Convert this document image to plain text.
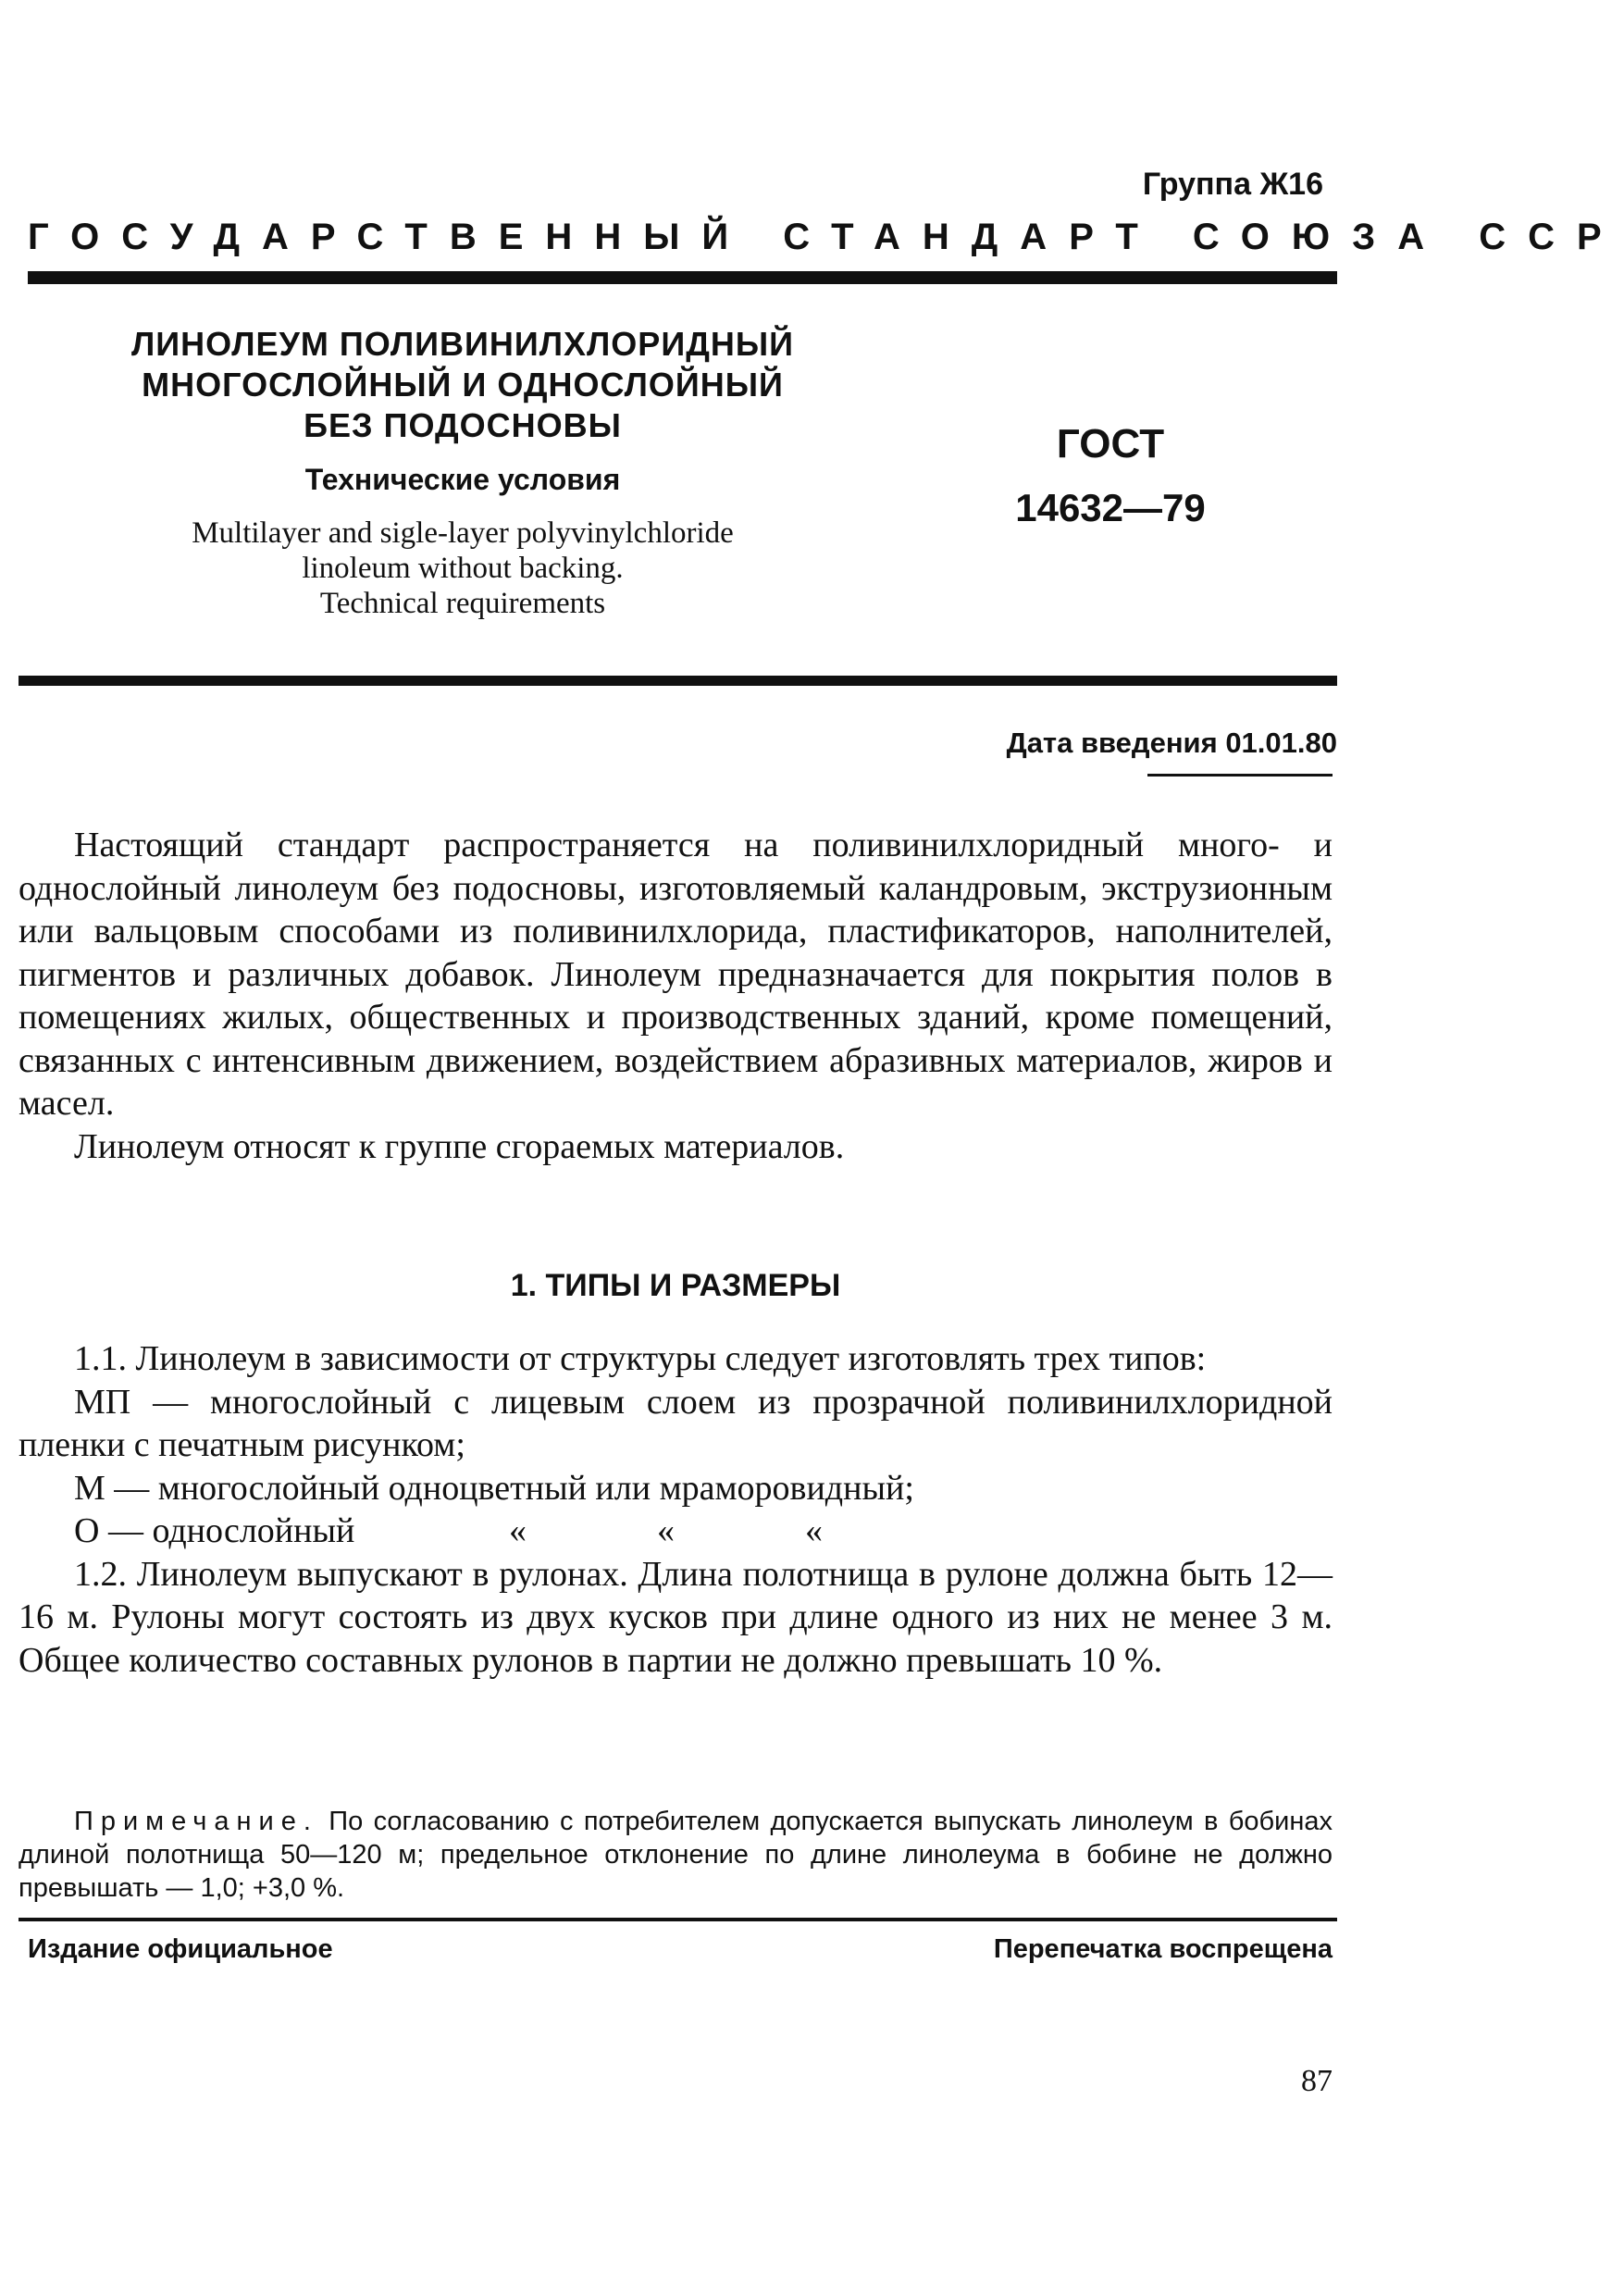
Группа Ж16
ГОСУДАРСТВЕННЫЙ СТАНДАРТ СОЮЗА ССР
ЛИНОЛЕУМ ПОЛИВИНИЛХЛОРИДНЫЙ
МНОГОСЛОЙНЫЙ И ОДНОСЛОЙНЫЙ
БЕЗ ПОДОСНОВЫ
Технические условия
Multilayer and sigle-layer polyvinylchloride
linoleum without backing.
Technical requirements
ГОСТ
14632—79
Дата введения 01.01.80

Настоящий стандарт распространяется на поливинилхлоридный много- и однослойный линолеум без подосновы, изготовляемый каландровым, экструзионным или вальцовым способами из поливинилхлорида, пластификаторов, наполнителей, пигментов и различных добавок. Линолеум предназначается для покрытия полов в помещениях жилых, общественных и производственных зданий, кроме помещений, связанных с интенсивным движением, воздействием абразивных материалов, жиров и масел.

Линолеум относят к группе сгораемых материалов.

1. ТИПЫ И РАЗМЕРЫ

1.1. Линолеум в зависимости от структуры следует изготовлять трех типов:

МП — многослойный с лицевым слоем из прозрачной поливинилхлоридной пленки с печатным рисунком;

М — многослойный одноцветный или мраморовидный;

О — однослойный	«	«	«

1.2. Линолеум выпускают в рулонах. Длина полотнища в рулоне должна быть 12—16 м. Рулоны могут состоять из двух кусков при длине одного из них не менее 3 м. Общее количество составных рулонов в партии не должно превышать 10 %.

Примечание. По согласованию с потребителем допускается выпускать линолеум в бобинах длиной полотнища 50—120 м; предельное отклонение по длине линолеума в бобине не должно превышать — 1,0; +3,0 %.
Издание официальное	Перепечатка воспрещена
87
